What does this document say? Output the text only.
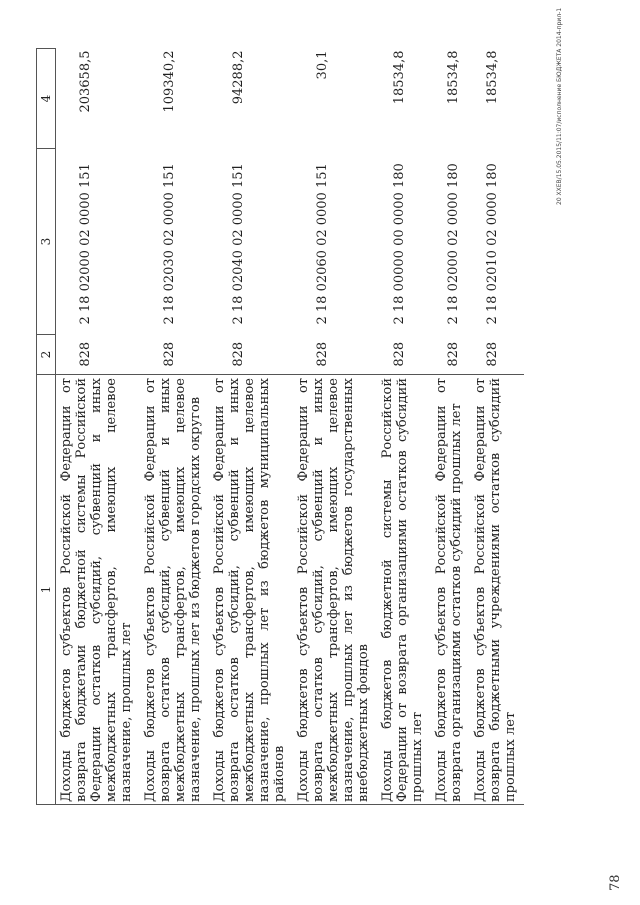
1	2	3	4
Доходы бюджетов субъектов Российской Федерации от возврата бюджетами бюджетной системы Российской Федерации остатков субсидий, субвенций и иных межбюджетных трансфертов, имеющих целевое назначение, прошлых лет	828	2 18 02000 02 0000 151	203658,5
Доходы бюджетов субъектов Российской Федерации от возврата остатков субсидий, субвенций и иных межбюджетных трансфертов, имеющих целевое назначение, прошлых лет из бюджетов городских округов	828	2 18 02030 02 0000 151	109340,2
Доходы бюджетов субъектов Российской Федерации от возврата остатков субсидий, субвенций и иных межбюджетных трансфертов, имеющих целевое назначение, прошлых лет из бюджетов муниципальных районов	828	2 18 02040 02 0000 151	94288,2
Доходы бюджетов субъектов Российской Федерации от возврата остатков субсидий, субвенций и иных межбюджетных трансфертов, имеющих целевое назначение, прошлых лет из бюджетов государственных внебюджетных фондов	828	2 18 02060 02 0000 151	30,1
Доходы бюджетов бюджетной системы Российской Федерации от возврата организациями остатков субсидий прошлых лет	828	2 18 00000 00 0000 180	18534,8
Доходы бюджетов субъектов Российской Федерации от возврата организациями остатков субсидий прошлых лет	828	2 18 02000 02 0000 180	18534,8
Доходы бюджетов субъектов Российской Федерации от возврата бюджетными учреждениями остатков субсидий прошлых лет	828	2 18 02010 02 0000 180	18534,8	20 ХХЕВ/15.05.2015/11:07/исполнение БЮДЖЕТА 2014-прил-1
78
